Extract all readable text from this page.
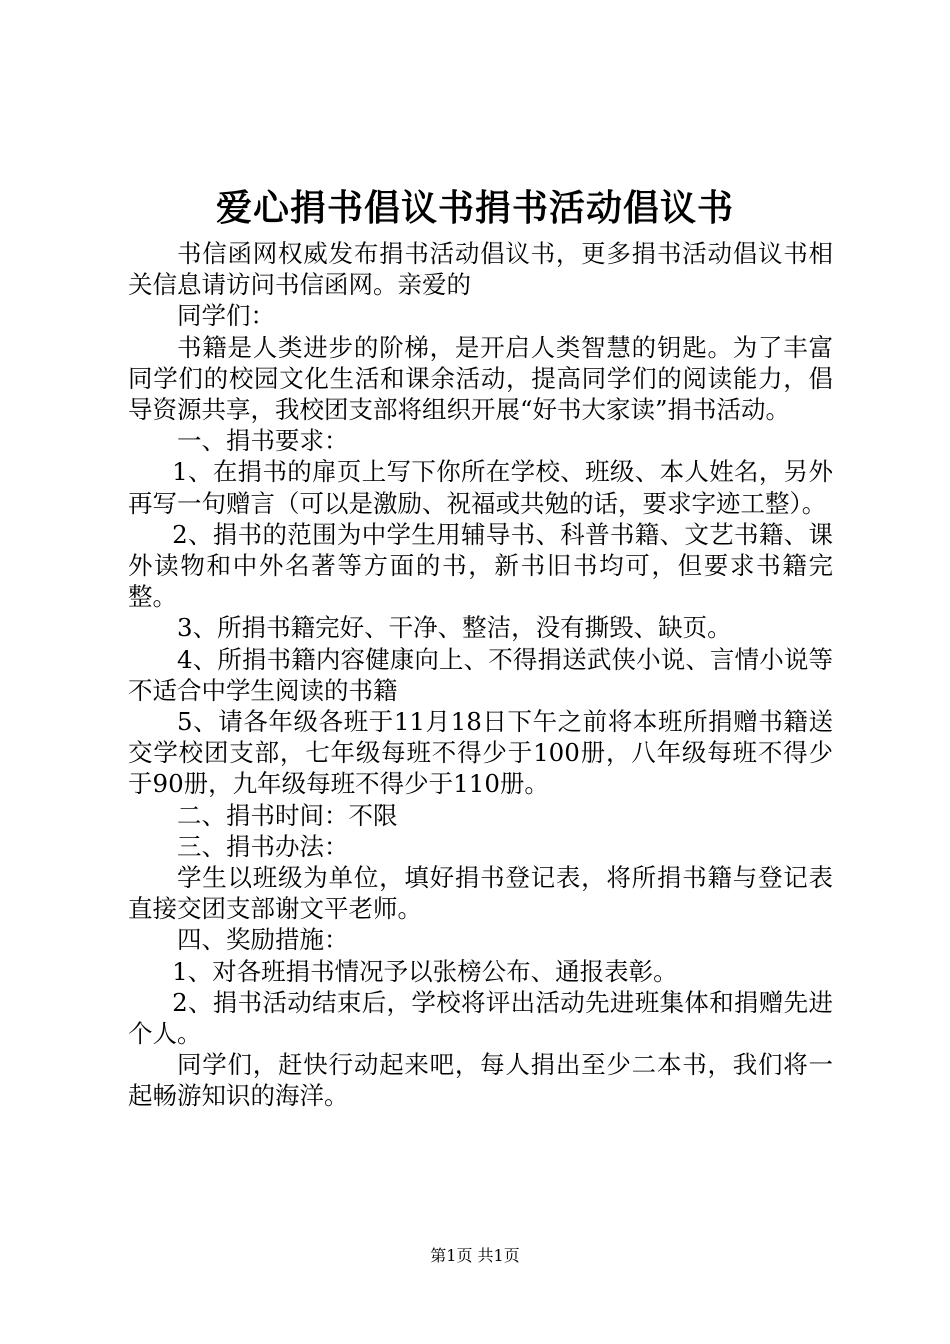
爱心捐书倡议书捐书活动倡议书

书信函网权威发布捐书活动倡议书，更多捐书活动倡议书相关信息请访问书信函网。亲爱的

同学们：

书籍是人类进步的阶梯，是开启人类智慧的钥匙。为了丰富同学们的校园文化生活和课余活动，提高同学们的阅读能力，倡导资源共享，我校团支部将组织开展“好书大家读”捐书活动。

一、捐书要求：

1、在捐书的扉页上写下你所在学校、班级、本人姓名，另外再写一句赠言（可以是激励、祝福或共勉的话，要求字迹工整）。

2、捐书的范围为中学生用辅导书、科普书籍、文艺书籍、课外读物和中外名著等方面的书，新书旧书均可，但要求书籍完整。

3、所捐书籍完好、干净、整洁，没有撕毁、缺页。

4、所捐书籍内容健康向上、不得捐送武侠小说、言情小说等不适合中学生阅读的书籍

5、请各年级各班于11月18日下午之前将本班所捐赠书籍送交学校团支部，七年级每班不得少于100册，八年级每班不得少于90册，九年级每班不得少于110册。

二、捐书时间：不限

三、捐书办法：

学生以班级为单位，填好捐书登记表，将所捐书籍与登记表直接交团支部谢文平老师。

四、奖励措施：

1、对各班捐书情况予以张榜公布、通报表彰。

2、捐书活动结束后，学校将评出活动先进班集体和捐赠先进个人。

同学们，赶快行动起来吧，每人捐出至少二本书，我们将一起畅游知识的海洋。

第1页 共1页
